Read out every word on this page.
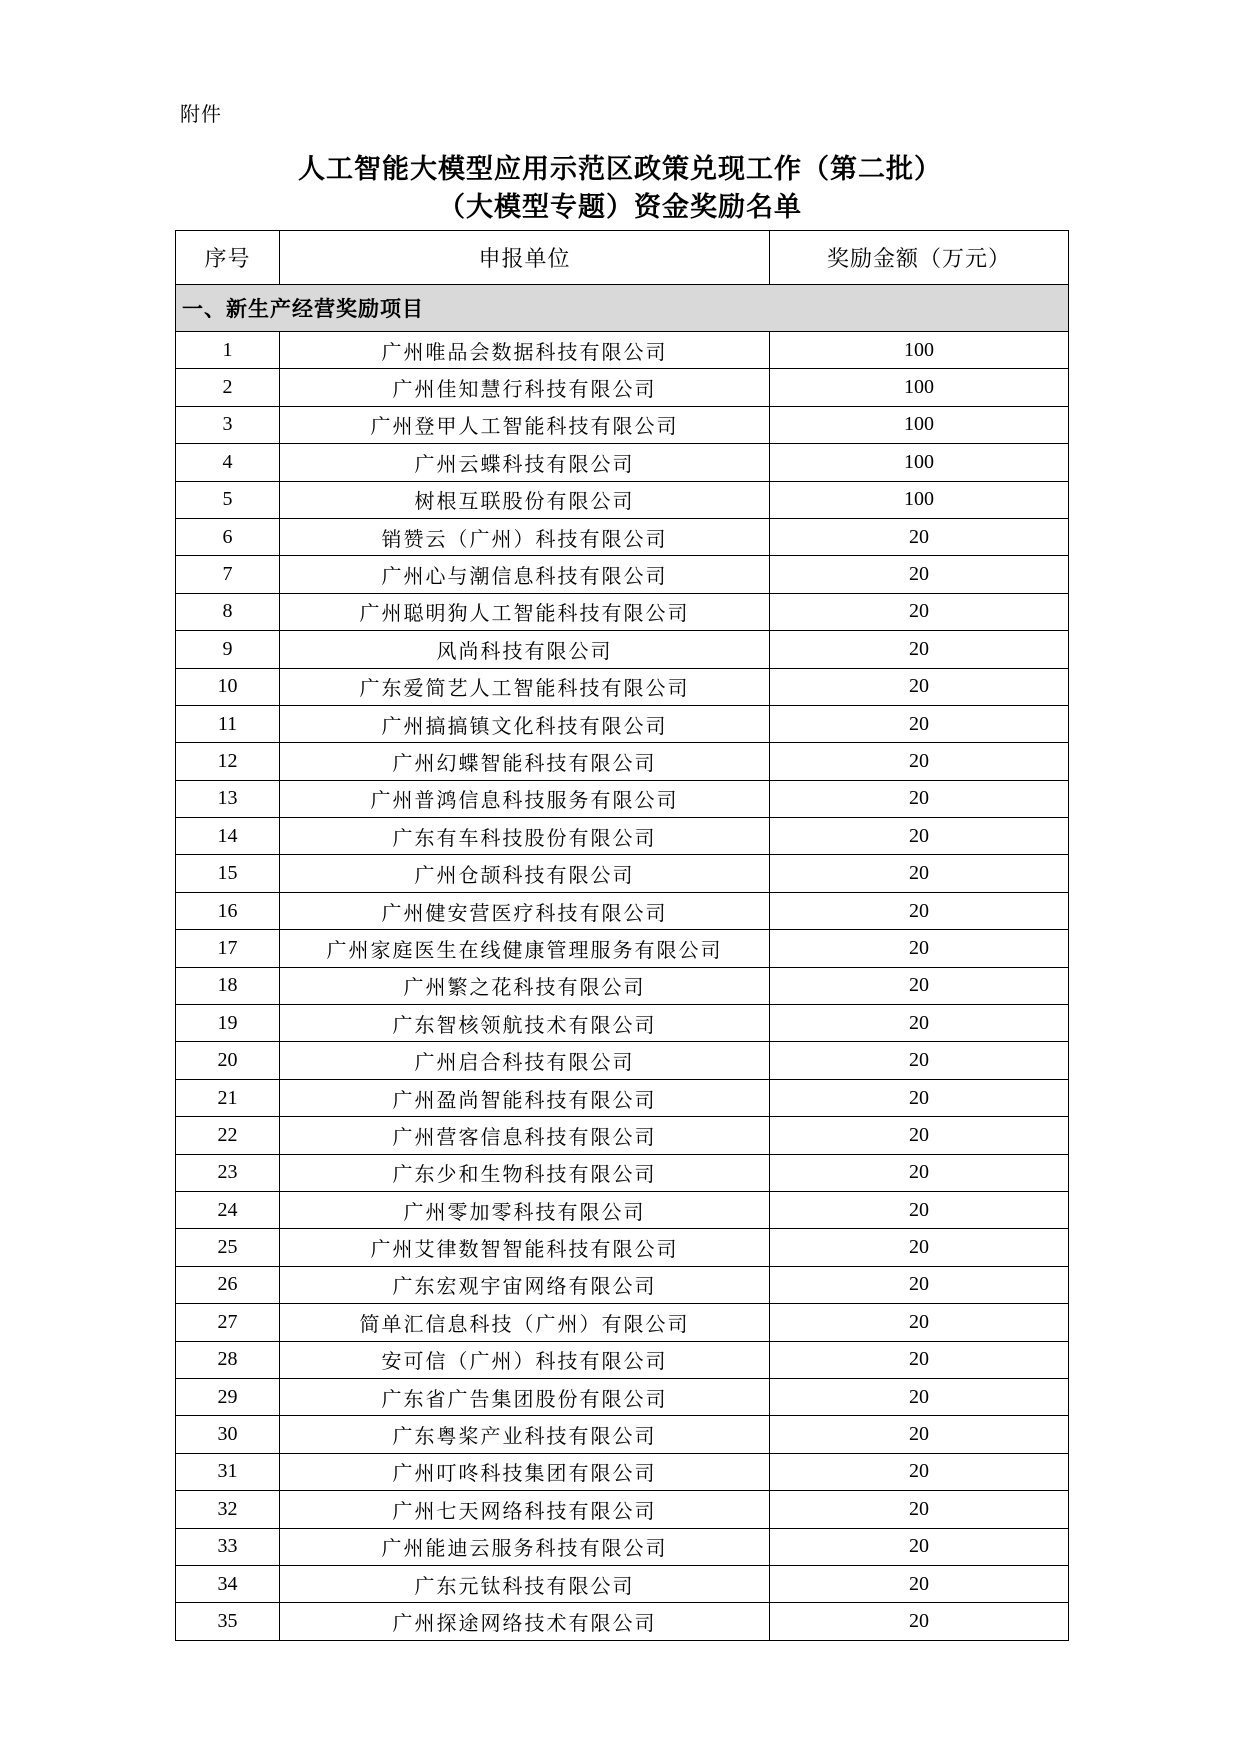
附件
人工智能大模型应用示范区政策兑现工作（第二批）
（大模型专题）资金奖励名单
序号	申报单位	奖励金额（万元）
一、新生产经营奖励项目		
1	广州唯品会数据科技有限公司	100
2	广州佳知慧行科技有限公司	100
3	广州登甲人工智能科技有限公司	100
4	广州云蝶科技有限公司	100
5	树根互联股份有限公司	100
6	销赞云（广州）科技有限公司	20
7	广州心与潮信息科技有限公司	20
8	广州聪明狗人工智能科技有限公司	20
9	风尚科技有限公司	20
10	广东爱简艺人工智能科技有限公司	20
11	广州搞搞镇文化科技有限公司	20
12	广州幻蝶智能科技有限公司	20
13	广州普鸿信息科技服务有限公司	20
14	广东有车科技股份有限公司	20
15	广州仓颉科技有限公司	20
16	广州健安营医疗科技有限公司	20
17	广州家庭医生在线健康管理服务有限公司	20
18	广州繁之花科技有限公司	20
19	广东智核领航技术有限公司	20
20	广州启合科技有限公司	20
21	广州盈尚智能科技有限公司	20
22	广州营客信息科技有限公司	20
23	广东少和生物科技有限公司	20
24	广州零加零科技有限公司	20
25	广州艾律数智智能科技有限公司	20
26	广东宏观宇宙网络有限公司	20
27	简单汇信息科技（广州）有限公司	20
28	安可信（广州）科技有限公司	20
29	广东省广告集团股份有限公司	20
30	广东粤桨产业科技有限公司	20
31	广州叮咚科技集团有限公司	20
32	广州七天网络科技有限公司	20
33	广州能迪云服务科技有限公司	20
34	广东元钛科技有限公司	20
35	广州探途网络技术有限公司	20
